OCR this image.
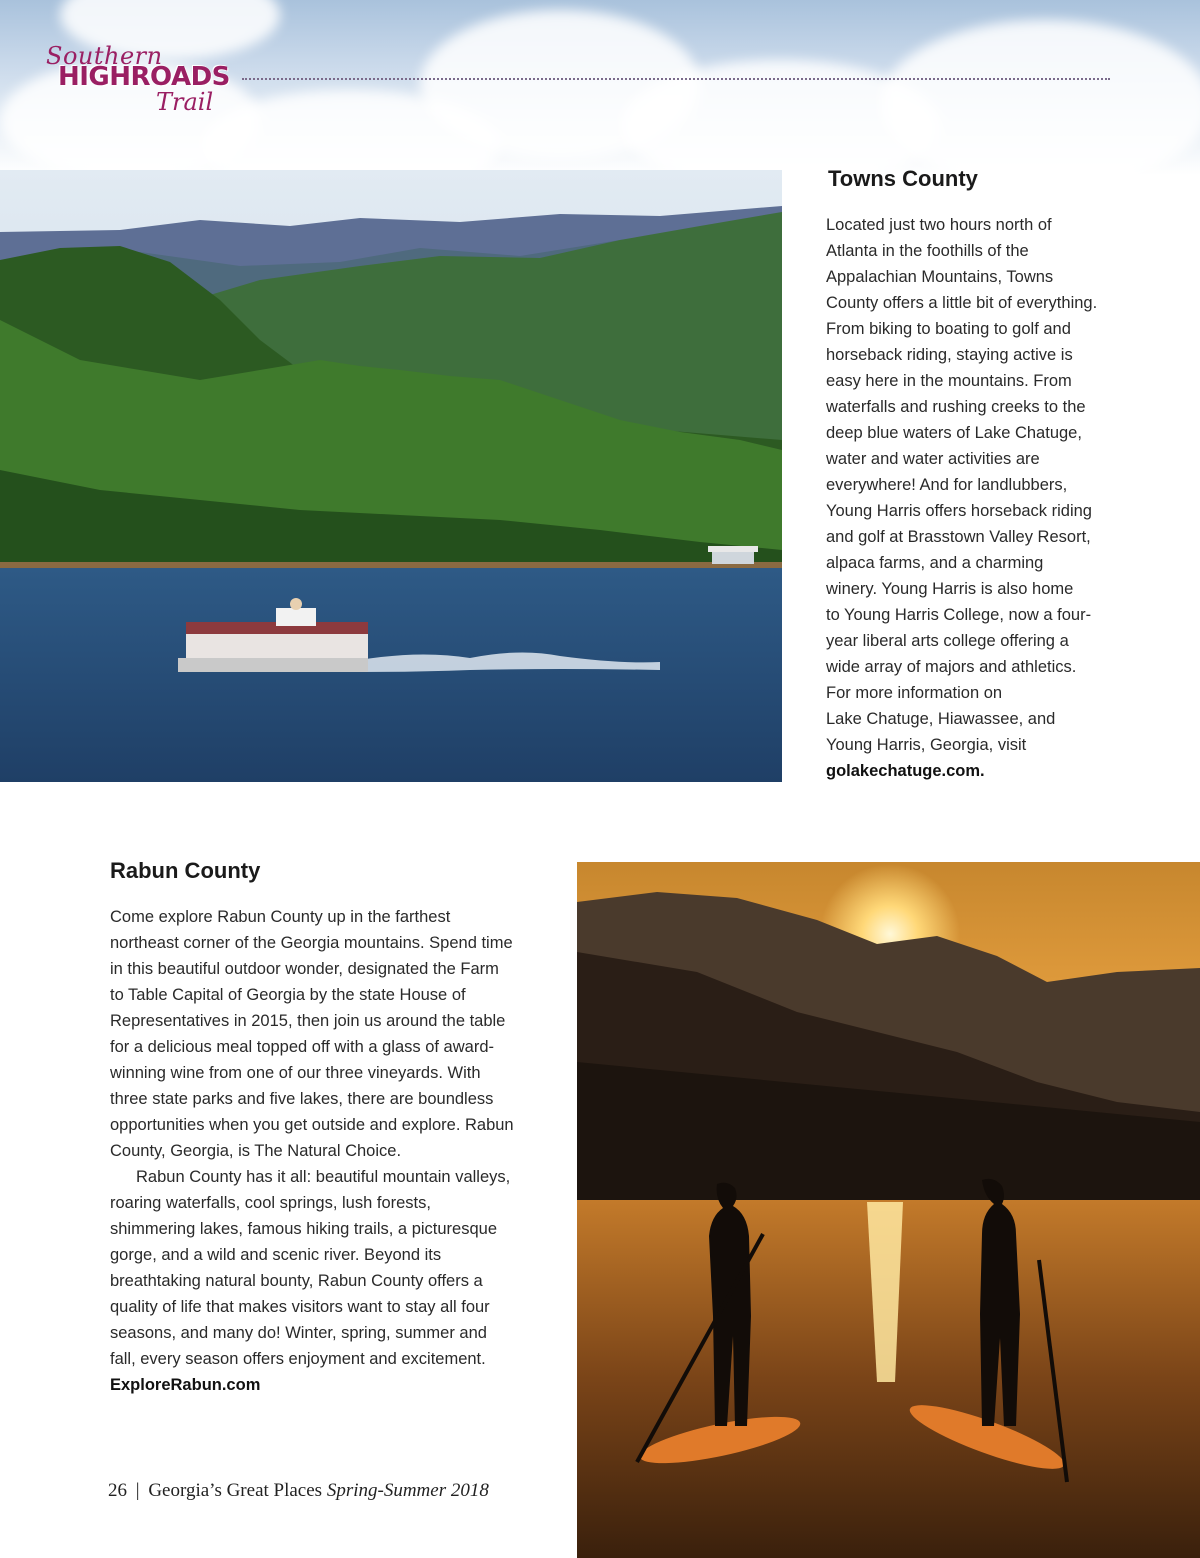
Southern
HIGHROADS
Trail
Towns County
Located just two hours north of
Atlanta in the foothills of the
Appalachian Mountains, Towns
County offers a little bit of everything.
From biking to boating to golf and
horseback riding, staying active is
easy here in the mountains. From
waterfalls and rushing creeks to the
deep blue waters of Lake Chatuge,
water and water activities are
everywhere! And for landlubbers,
Young Harris offers horseback riding
and golf at Brasstown Valley Resort,
alpaca farms, and a charming
winery. Young Harris is also home
to Young Harris College, now a four-
year liberal arts college offering a
wide array of majors and athletics.
For more information on
Lake Chatuge, Hiawassee, and
Young Harris, Georgia, visit
golakechatuge.com.
Rabun County
Come explore Rabun County up in the farthest
northeast corner of the Georgia mountains. Spend time
in this beautiful outdoor wonder, designated the Farm
to Table Capital of Georgia by the state House of
Representatives in 2015, then join us around the table
for a delicious meal topped off with a glass of award-
winning wine from one of our three vineyards. With
three state parks and five lakes, there are boundless
opportunities when you get outside and explore. Rabun
County, Georgia, is The Natural Choice.
Rabun County has it all: beautiful mountain valleys,
roaring waterfalls, cool springs, lush forests,
shimmering lakes, famous hiking trails, a picturesque
gorge, and a wild and scenic river. Beyond its
breathtaking natural bounty, Rabun County offers a
quality of life that makes visitors want to stay all four
seasons, and many do! Winter, spring, summer and
fall, every season offers enjoyment and excitement.
ExploreRabun.com
26 | Georgia’s Great Places Spring-Summer 2018
